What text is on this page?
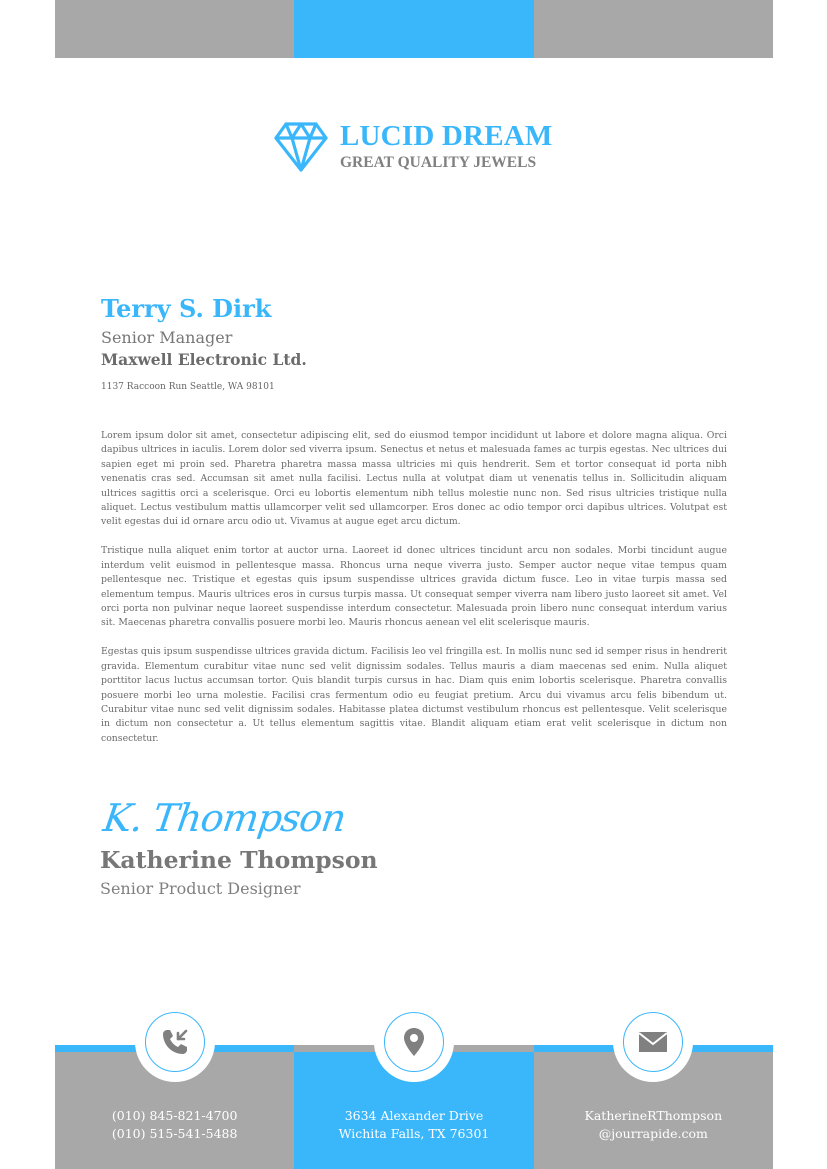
LUCID DREAM
GREAT QUALITY JEWELS
Terry S. Dirk
Senior Manager
Maxwell Electronic Ltd.
1137 Raccoon Run Seattle, WA 98101

Lorem ipsum dolor sit amet, consectetur adipiscing elit, sed do eiusmod tempor incididunt ut labore et dolore magna aliqua. Orci dapibus ultrices in iaculis. Lorem dolor sed viverra ipsum. Senectus et netus et malesuada fames ac turpis egestas. Nec ultrices dui sapien eget mi proin sed. Pharetra pharetra massa massa ultricies mi quis hendrerit. Sem et tortor consequat id porta nibh venenatis cras sed. Accumsan sit amet nulla facilisi. Lectus nulla at volutpat diam ut venenatis tellus in. Sollicitudin aliquam ultrices sagittis orci a scelerisque. Orci eu lobortis elementum nibh tellus molestie nunc non. Sed risus ultricies tristique nulla aliquet. Lectus vestibulum mattis ullamcorper velit sed ullamcorper. Eros donec ac odio tempor orci dapibus ultrices. Volutpat est velit egestas dui id ornare arcu odio ut. Vivamus at augue eget arcu dictum.

Tristique nulla aliquet enim tortor at auctor urna. Laoreet id donec ultrices tincidunt arcu non sodales. Morbi tincidunt augue interdum velit euismod in pellentesque massa. Rhoncus urna neque viverra justo. Semper auctor neque vitae tempus quam pellentesque nec. Tristique et egestas quis ipsum suspendisse ultrices gravida dictum fusce. Leo in vitae turpis massa sed elementum tempus. Mauris ultrices eros in cursus turpis massa. Ut consequat semper viverra nam libero justo laoreet sit amet. Vel orci porta non pulvinar neque laoreet suspendisse interdum consectetur. Malesuada proin libero nunc consequat interdum varius sit. Maecenas pharetra convallis posuere morbi leo. Mauris rhoncus aenean vel elit scelerisque mauris.

Egestas quis ipsum suspendisse ultrices gravida dictum. Facilisis leo vel fringilla est. In mollis nunc sed id semper risus in hendrerit gravida. Elementum curabitur vitae nunc sed velit dignissim sodales. Tellus mauris a diam maecenas sed enim. Nulla aliquet porttitor lacus luctus accumsan tortor. Quis blandit turpis cursus in hac. Diam quis enim lobortis scelerisque. Pharetra convallis posuere morbi leo urna molestie. Facilisi cras fermentum odio eu feugiat pretium. Arcu dui vivamus arcu felis bibendum ut. Curabitur vitae nunc sed velit dignissim sodales. Habitasse platea dictumst vestibulum rhoncus est pellentesque. Velit scelerisque in dictum non consectetur a. Ut tellus elementum sagittis vitae. Blandit aliquam etiam erat velit scelerisque in dictum non consectetur.

K. Thompson
Katherine Thompson
Senior Product Designer
(010) 845-821-4700
(010) 515-541-5488
3634 Alexander Drive
Wichita Falls, TX 76301
KatherineRThompson
@jourrapide.com
